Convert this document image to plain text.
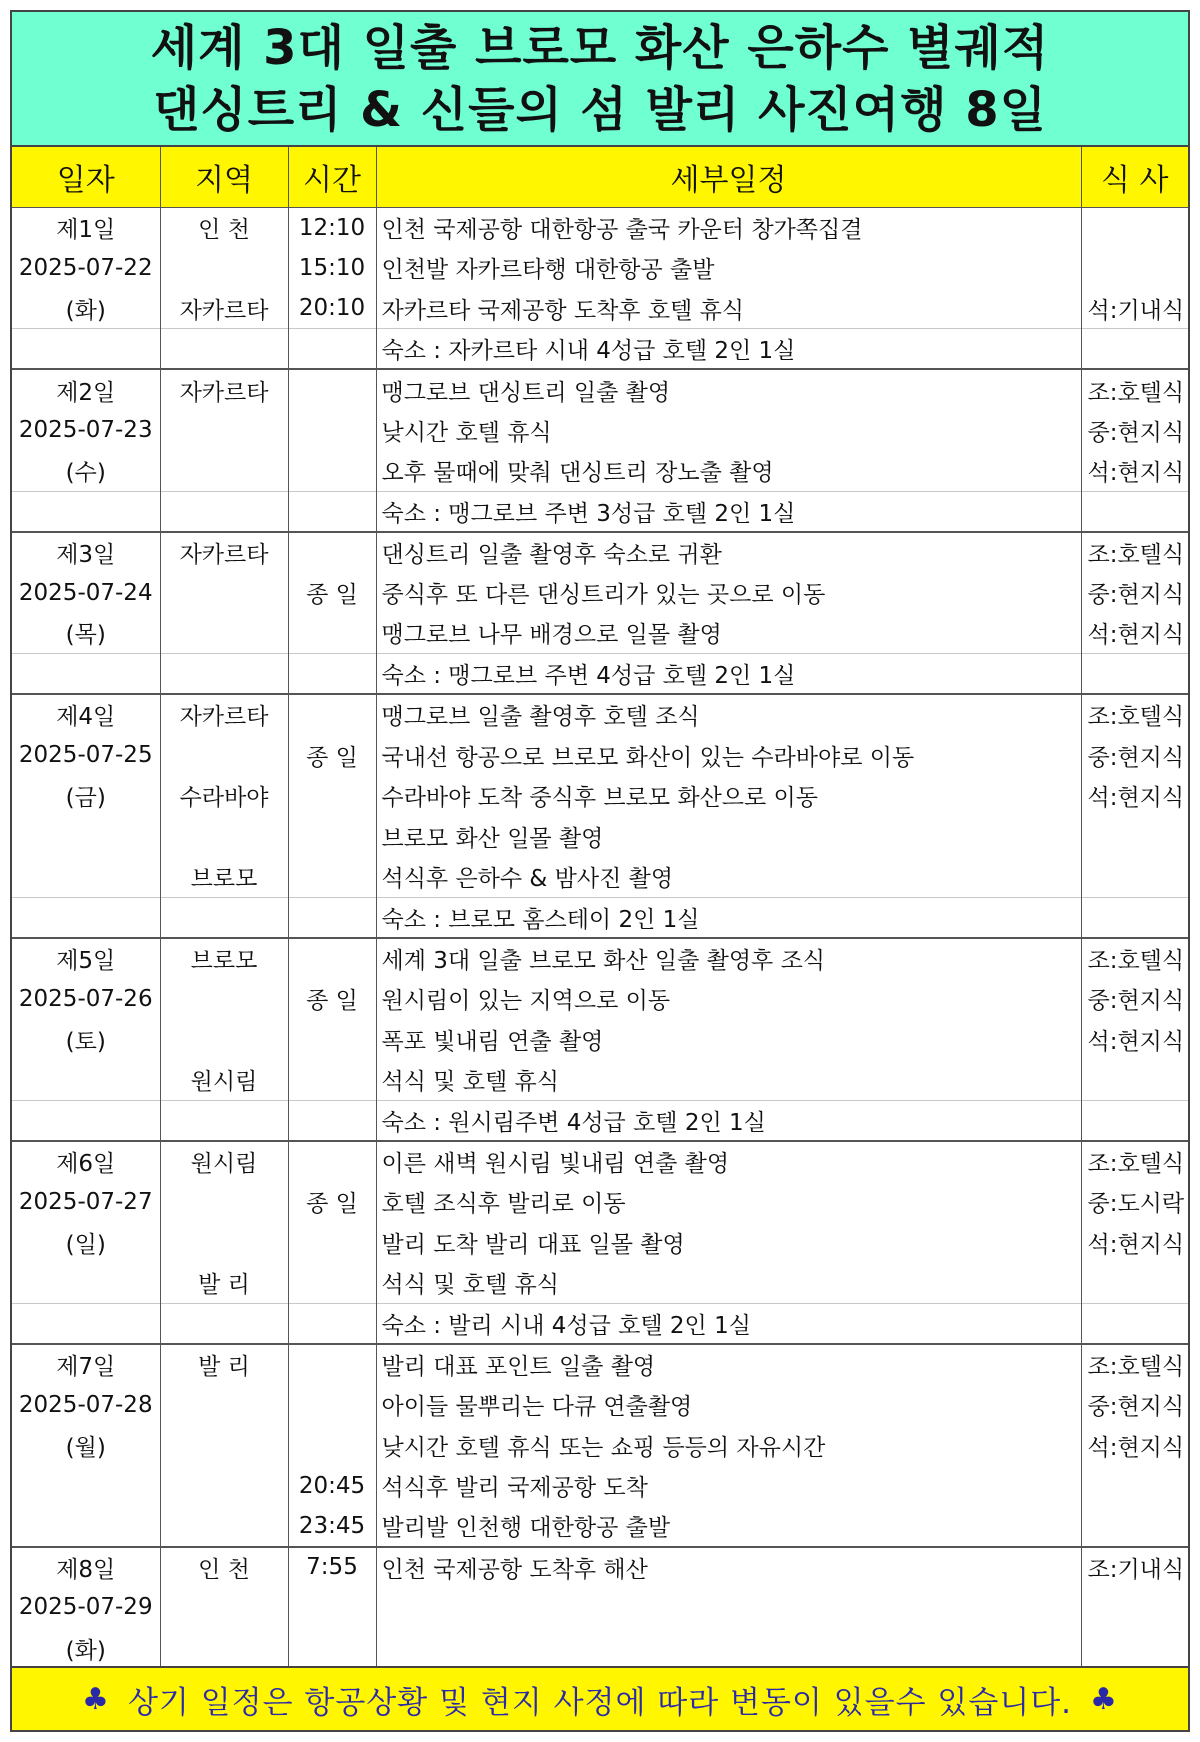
세계 3대 일출 브로모 화산 은하수 별궤적
댄싱트리 & 신들의 섬 발리 사진여행 8일
일자	지역	시간	세부일정	식 사
제1일	인 천	12:10	인천 국제공항 대한항공 출국 카운터 창가쪽집결	
2025-07-22		15:10	인천발 자카르타행 대한항공 출발	
(화)	자카르타	20:10	자카르타 국제공항 도착후 호텔 휴식	석:기내식
			숙소 : 자카르타 시내 4성급 호텔 2인 1실	
제2일	자카르타		맹그로브 댄싱트리 일출 촬영	조:호텔식
2025-07-23			낮시간 호텔 휴식	중:현지식
(수)			오후 물때에 맞춰 댄싱트리 장노출 촬영	석:현지식
			숙소 : 맹그로브 주변 3성급 호텔 2인 1실	
제3일	자카르타		댄싱트리 일출 촬영후 숙소로 귀환	조:호텔식
2025-07-24		종 일	중식후 또 다른 댄싱트리가 있는 곳으로 이동	중:현지식
(목)			맹그로브 나무 배경으로 일몰 촬영	석:현지식
			숙소 : 맹그로브 주변 4성급 호텔 2인 1실	
제4일	자카르타		맹그로브 일출 촬영후 호텔 조식	조:호텔식
2025-07-25		종 일	국내선 항공으로 브로모 화산이 있는 수라바야로 이동	중:현지식
(금)	수라바야		수라바야 도착 중식후 브로모 화산으로 이동	석:현지식
			브로모 화산 일몰 촬영	
	브로모		석식후 은하수 & 밤사진 촬영	
			숙소 : 브로모 홈스테이 2인 1실	
제5일	브로모		세계 3대 일출 브로모 화산 일출 촬영후 조식	조:호텔식
2025-07-26		종 일	원시림이 있는 지역으로 이동	중:현지식
(토)			폭포 빛내림 연출 촬영	석:현지식
	원시림		석식 및 호텔 휴식	
			숙소 : 원시림주변 4성급 호텔 2인 1실	
제6일	원시림		이른 새벽 원시림 빛내림 연출 촬영	조:호텔식
2025-07-27		종 일	호텔 조식후 발리로 이동	중:도시락
(일)			발리 도착 발리 대표 일몰 촬영	석:현지식
	발 리		석식 및 호텔 휴식	
			숙소 : 발리 시내 4성급 호텔 2인 1실	
제7일	발 리		발리 대표 포인트 일출 촬영	조:호텔식
2025-07-28			아이들 물뿌리는 다큐 연출촬영	중:현지식
(월)			낮시간 호텔 휴식 또는 쇼핑 등등의 자유시간	석:현지식
		20:45	석식후 발리 국제공항 도착	
		23:45	발리발 인천행 대한항공 출발	
제8일	인 천	7:55	인천 국제공항 도착후 해산	조:기내식
2025-07-29				
(화)				
♣ 상기 일정은 항공상황 및 현지 사정에 따라 변동이 있을수 있습니다. ♣
